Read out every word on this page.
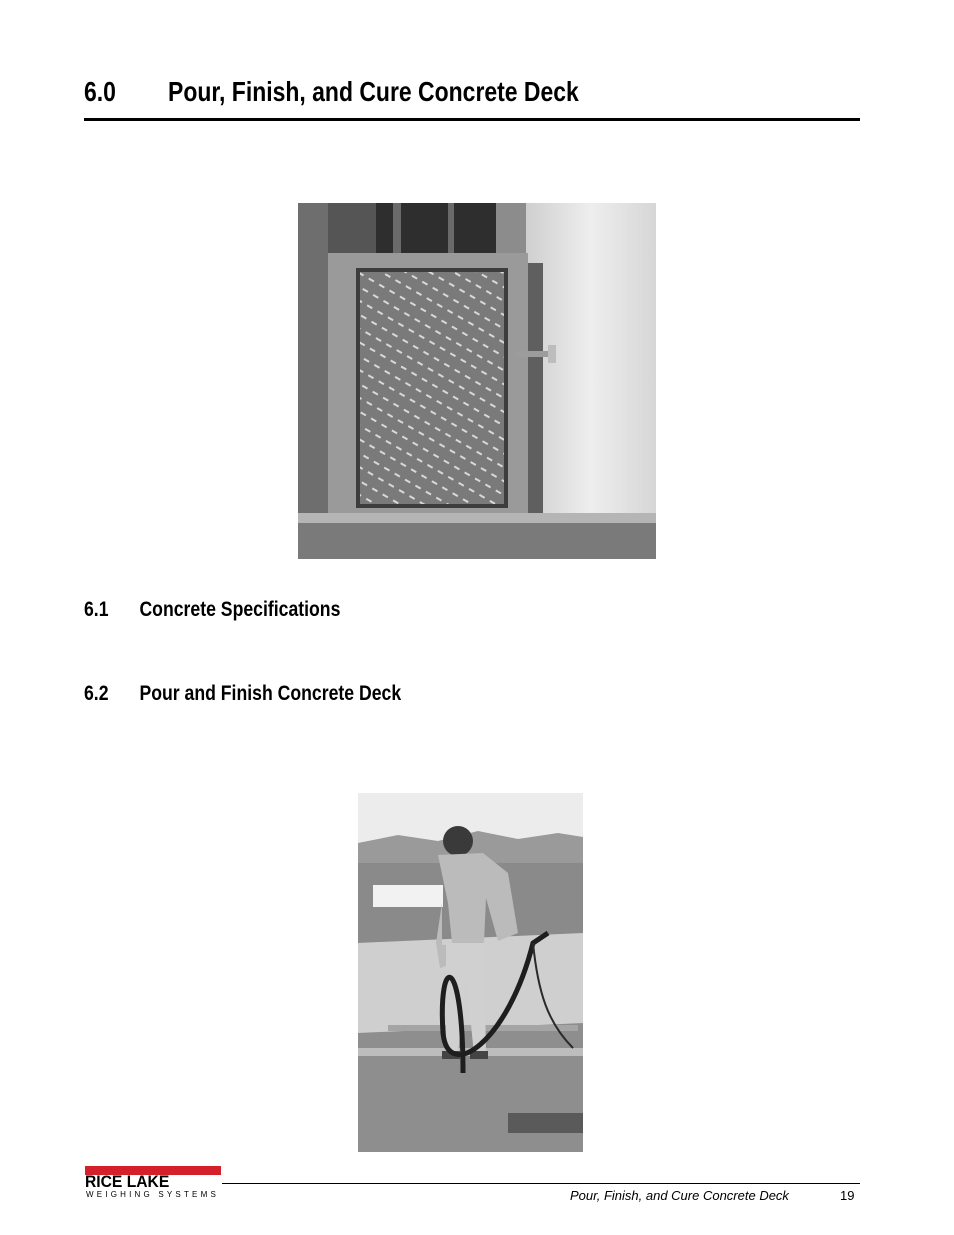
6.0 Pour, Finish, and Cure Concrete Deck
6.1 Concrete Specifications
6.2 Pour and Finish Concrete Deck
RICE LAKE
WEIGHING SYSTEMS	Pour, Finish, and Cure Concrete Deck	19
